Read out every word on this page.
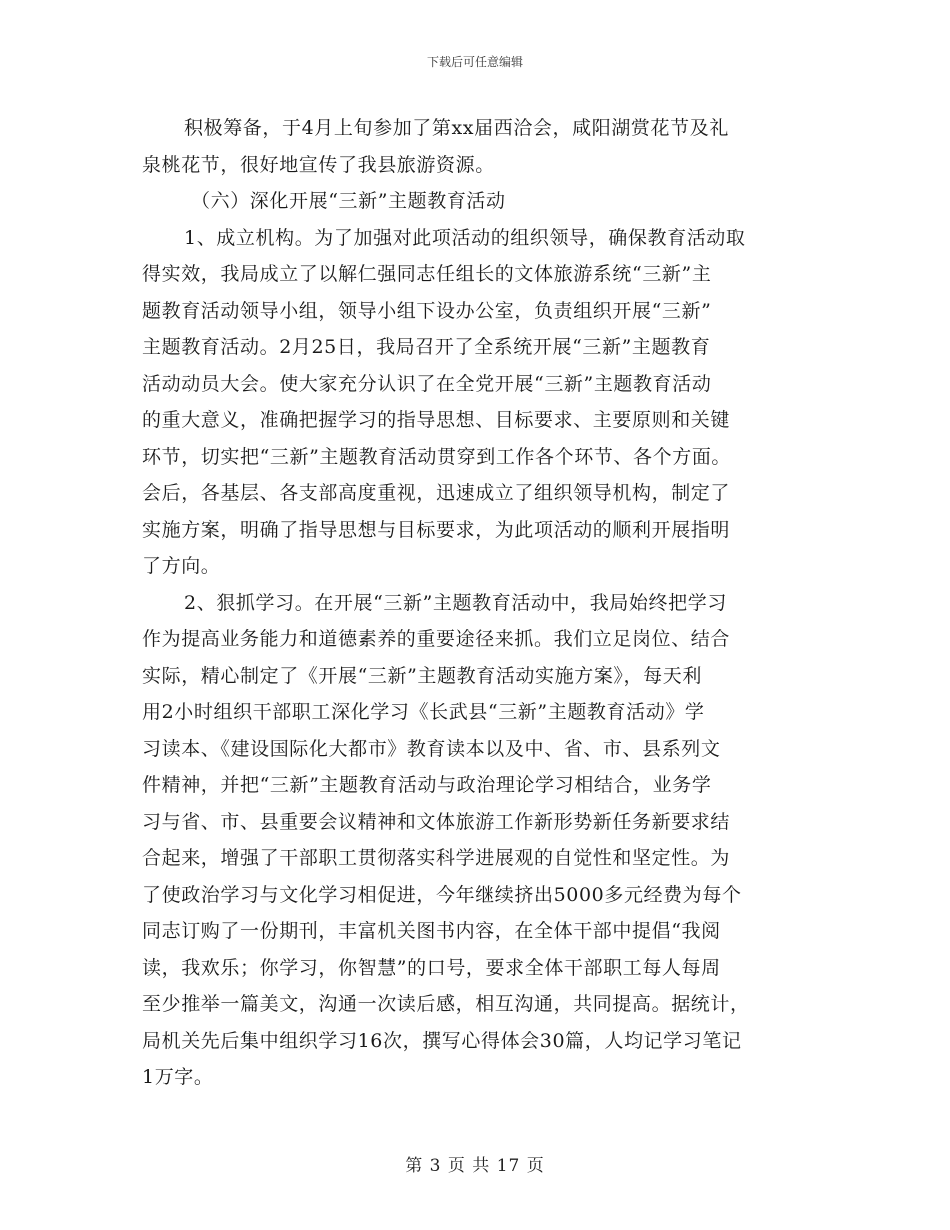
下载后可任意编辑
积极筹备，于4月上旬参加了第xx届西洽会，咸阳湖赏花节及礼
泉桃花节，很好地宣传了我县旅游资源。
（六）深化开展“三新”主题教育活动
1、成立机构。为了加强对此项活动的组织领导，确保教育活动取
得实效，我局成立了以解仁强同志任组长的文体旅游系统“三新”主
题教育活动领导小组，领导小组下设办公室，负责组织开展“三新”
主题教育活动。2月25日，我局召开了全系统开展“三新”主题教育
活动动员大会。使大家充分认识了在全党开展“三新”主题教育活动
的重大意义，准确把握学习的指导思想、目标要求、主要原则和关键
环节，切实把“三新”主题教育活动贯穿到工作各个环节、各个方面。
会后，各基层、各支部高度重视，迅速成立了组织领导机构，制定了
实施方案，明确了指导思想与目标要求，为此项活动的顺利开展指明
了方向。
2、狠抓学习。在开展“三新”主题教育活动中，我局始终把学习
作为提高业务能力和道德素养的重要途径来抓。我们立足岗位、结合
实际，精心制定了《开展“三新”主题教育活动实施方案》，每天利
用2小时组织干部职工深化学习《长武县“三新”主题教育活动》学
习读本、《建设国际化大都市》教育读本以及中、省、市、县系列文
件精神，并把“三新”主题教育活动与政治理论学习相结合，业务学
习与省、市、县重要会议精神和文体旅游工作新形势新任务新要求结
合起来，增强了干部职工贯彻落实科学进展观的自觉性和坚定性。为
了使政治学习与文化学习相促进，今年继续挤出5000多元经费为每个
同志订购了一份期刊，丰富机关图书内容，在全体干部中提倡“我阅
读，我欢乐；你学习，你智慧”的口号，要求全体干部职工每人每周
至少推举一篇美文，沟通一次读后感，相互沟通，共同提高。据统计，
局机关先后集中组织学习16次，撰写心得体会30篇，人均记学习笔记
1万字。
第 3 页 共 17 页
